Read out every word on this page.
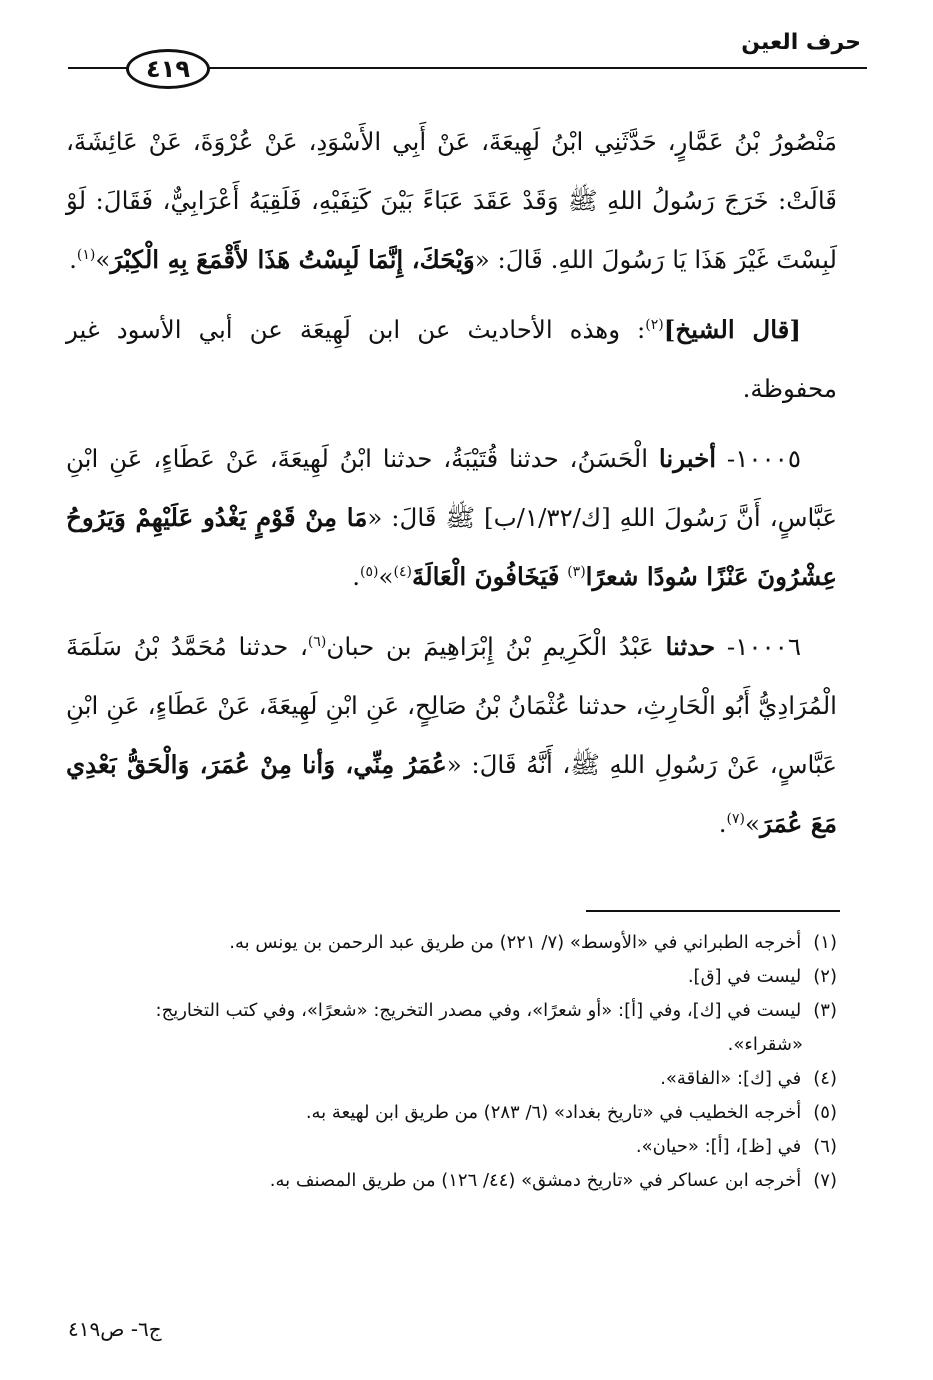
حرف العين
٤١٩

مَنْصُورُ بْنُ عَمَّارٍ، حَدَّثَنِي ابْنُ لَهِيعَةَ، عَنْ أَبِي الأَسْوَدِ، عَنْ عُرْوَةَ، عَنْ عَائِشَةَ، قَالَتْ: خَرَجَ رَسُولُ اللهِ ﷺ وَقَدْ عَقَدَ عَبَاءً بَيْنَ كَتِفَيْهِ، فَلَقِيَهُ أَعْرَابِيٌّ، فَقَالَ: لَوْ لَبِسْتَ غَيْرَ هَذَا يَا رَسُولَ اللهِ. قَالَ: «وَيْحَكَ، إِنَّمَا لَبِسْتُ هَذَا لأَقْمَعَ بِهِ الْكِبْرَ»$^{(١)}$.

[قال الشيخ]$^{(٢)}$: وهذه الأحاديث عن ابن لَهِيعَة عن أبي الأسود غير محفوظة.

١٠٠٠٥- أخبرنا الْحَسَنُ، حدثنا قُتَيْبَةُ، حدثنا ابْنُ لَهِيعَةَ، عَنْ عَطَاءٍ، عَنِ ابْنِ عَبَّاسٍ، أَنَّ رَسُولَ اللهِ [ك/١/٣٢/ب] ﷺ قَالَ: «مَا مِنْ قَوْمٍ يَغْدُو عَلَيْهِمْ وَيَرُوحُ عِشْرُونَ عَنْزًا سُودًا شعرًا$^{(٣)}$ فَيَخَافُونَ الْعَالَةَ$^{(٤)}$»$^{(٥)}$.

١٠٠٠٦- حدثنا عَبْدُ الْكَرِيمِ بْنُ إِبْرَاهِيمَ بن حبان$^{(٦)}$، حدثنا مُحَمَّدُ بْنُ سَلَمَةَ الْمُرَادِيُّ أَبُو الْحَارِثِ، حدثنا عُثْمَانُ بْنُ صَالِحٍ، عَنِ ابْنِ لَهِيعَةَ، عَنْ عَطَاءٍ، عَنِ ابْنِ عَبَّاسٍ، عَنْ رَسُولِ اللهِ ﷺ، أَنَّهُ قَالَ: «عُمَرُ مِنِّي، وَأنا مِنْ عُمَرَ، وَالْحَقُّ بَعْدِي مَعَ عُمَرَ»$^{(٧)}$.

(١) أخرجه الطبراني في «الأوسط» (٧/ ٢٢١) من طريق عبد الرحمن بن يونس به.

(٢) ليست في [ق].

(٣) ليست في [ك]، وفي [أ]: «أو شعرًا»، وفي مصدر التخريج: «شعرًا»، وفي كتب التخاريج:

«شقراء».

(٤) في [ك]: «الفاقة».

(٥) أخرجه الخطيب في «تاريخ بغداد» (٦/ ٢٨٣) من طريق ابن لهيعة به.

(٦) في [ظ]، [أ]: «حيان».

(٧) أخرجه ابن عساكر في «تاريخ دمشق» (٤٤/ ١٢٦) من طريق المصنف به.

ج٦- ص٤١٩
